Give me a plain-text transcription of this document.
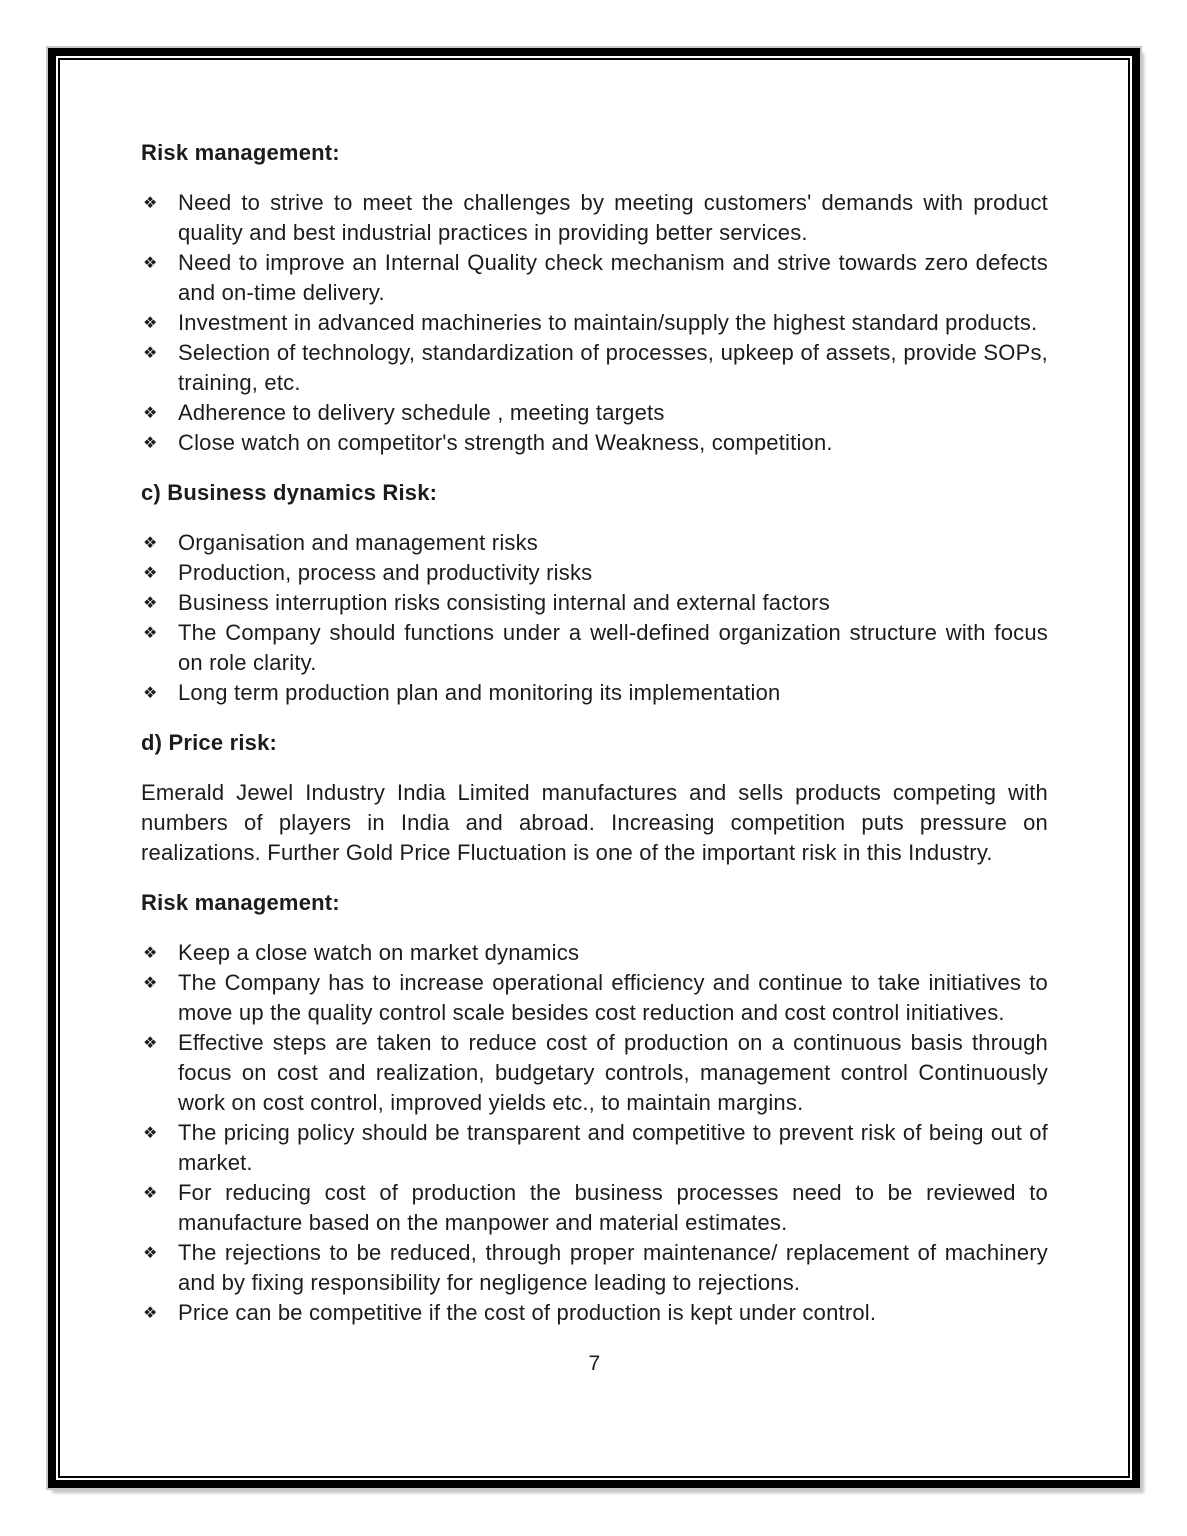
Risk management:
❖ Need to strive to meet the challenges by meeting customers' demands with product quality and best industrial practices in providing better services.
❖ Need to improve an Internal Quality check mechanism and strive towards zero defects and on-time delivery.
❖ Investment in advanced machineries to maintain/supply the highest standard products.
❖ Selection of technology, standardization of processes, upkeep of assets, provide SOPs, training, etc.
❖ Adherence to delivery schedule , meeting targets
❖ Close watch on competitor's strength and Weakness, competition.
c) Business dynamics Risk:
❖ Organisation and management risks
❖ Production, process and productivity risks
❖ Business interruption risks consisting internal and external factors
❖ The Company should functions under a well-defined organization structure with focus on role clarity.
❖ Long term production plan and monitoring its implementation
d) Price risk:

Emerald Jewel Industry India Limited manufactures and sells products competing with numbers of players in India and abroad. Increasing competition puts pressure on realizations. Further Gold Price Fluctuation is one of the important risk in this Industry.

Risk management:
❖ Keep a close watch on market dynamics
❖ The Company has to increase operational efficiency and continue to take initiatives to move up the quality control scale besides cost reduction and cost control initiatives.
❖ Effective steps are taken to reduce cost of production on a continuous basis through focus on cost and realization, budgetary controls, management control Continuously work on cost control, improved yields etc., to maintain margins.
❖ The pricing policy should be transparent and competitive to prevent risk of being out of market.
❖ For reducing cost of production the business processes need to be reviewed to manufacture based on the manpower and material estimates.
❖ The rejections to be reduced, through proper maintenance/ replacement of machinery and by fixing responsibility for negligence leading to rejections.
❖ Price can be competitive if the cost of production is kept under control.
7
